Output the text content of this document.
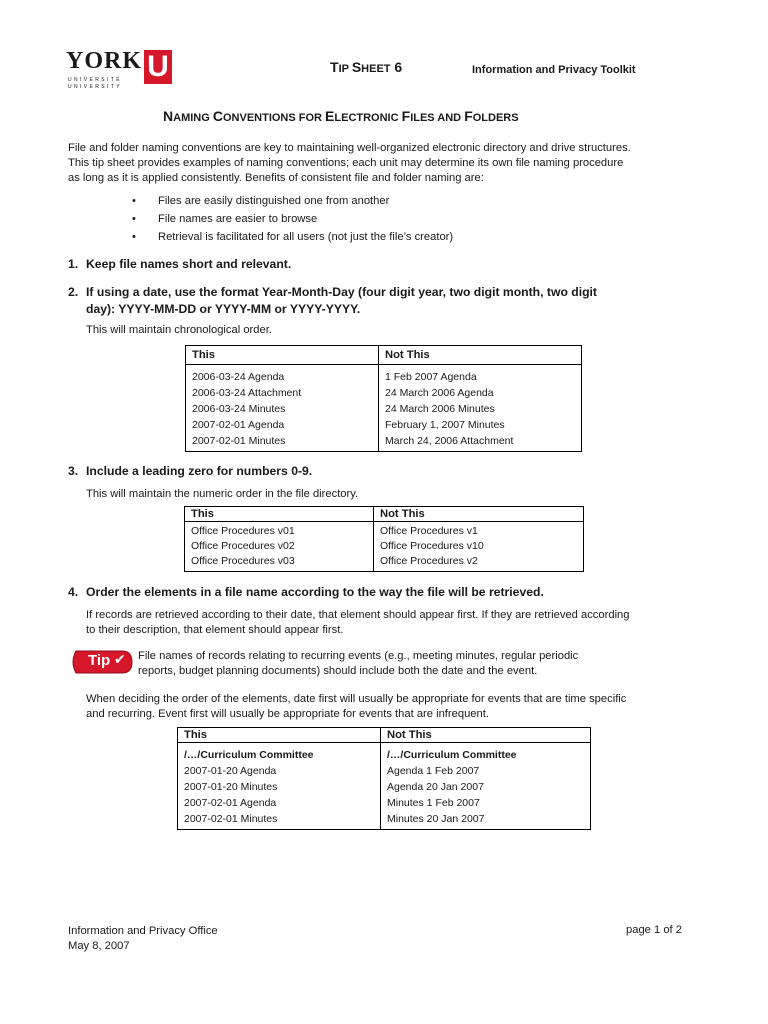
YORK
UNIVERSITÉ
UNIVERSITY
U	TIP SHEET 6	Information and Privacy Toolkit
NAMING CONVENTIONS FOR ELECTRONIC FILES AND FOLDERS
File and folder naming conventions are key to maintaining well-organized electronic directory and drive structures.
This tip sheet provides examples of naming conventions; each unit may determine its own file naming procedure
as long as it is applied consistently. Benefits of consistent file and folder naming are:
• Files are easily distinguished one from another
• File names are easier to browse
• Retrieval is facilitated for all users (not just the file’s creator)
1. Keep file names short and relevant.
2. If using a date, use the format Year-Month-Day (four digit year, two digit month, two digit
day): YYYY-MM-DD or YYYY-MM or YYYY-YYYY.
This will maintain chronological order.
This	Not This
2006-03-24 Agenda	1 Feb 2007 Agenda
2006-03-24 Attachment	24 March 2006 Agenda
2006-03-24 Minutes	24 March 2006 Minutes
2007-02-01 Agenda	February 1, 2007 Minutes
2007-02-01 Minutes	March 24, 2006 Attachment
3. Include a leading zero for numbers 0-9.
This will maintain the numeric order in the file directory.
This	Not This
Office Procedures v01	Office Procedures v1
Office Procedures v02	Office Procedures v10
Office Procedures v03	Office Procedures v2
4. Order the elements in a file name according to the way the file will be retrieved.
If records are retrieved according to their date, that element should appear first. If they are retrieved according
to their description, that element should appear first.
Tip ✔ File names of records relating to recurring events (e.g., meeting minutes, regular periodic
reports, budget planning documents) should include both the date and the event.
When deciding the order of the elements, date first will usually be appropriate for events that are time specific
and recurring. Event first will usually be appropriate for events that are infrequent.
This	Not This
/…/Curriculum Committee	/…/Curriculum Committee
2007-01-20 Agenda	Agenda 1 Feb 2007
2007-01-20 Minutes	Agenda 20 Jan 2007
2007-02-01 Agenda	Minutes 1 Feb 2007
2007-02-01 Minutes	Minutes 20 Jan 2007
Information and Privacy Office
May 8, 2007
page 1 of 2
